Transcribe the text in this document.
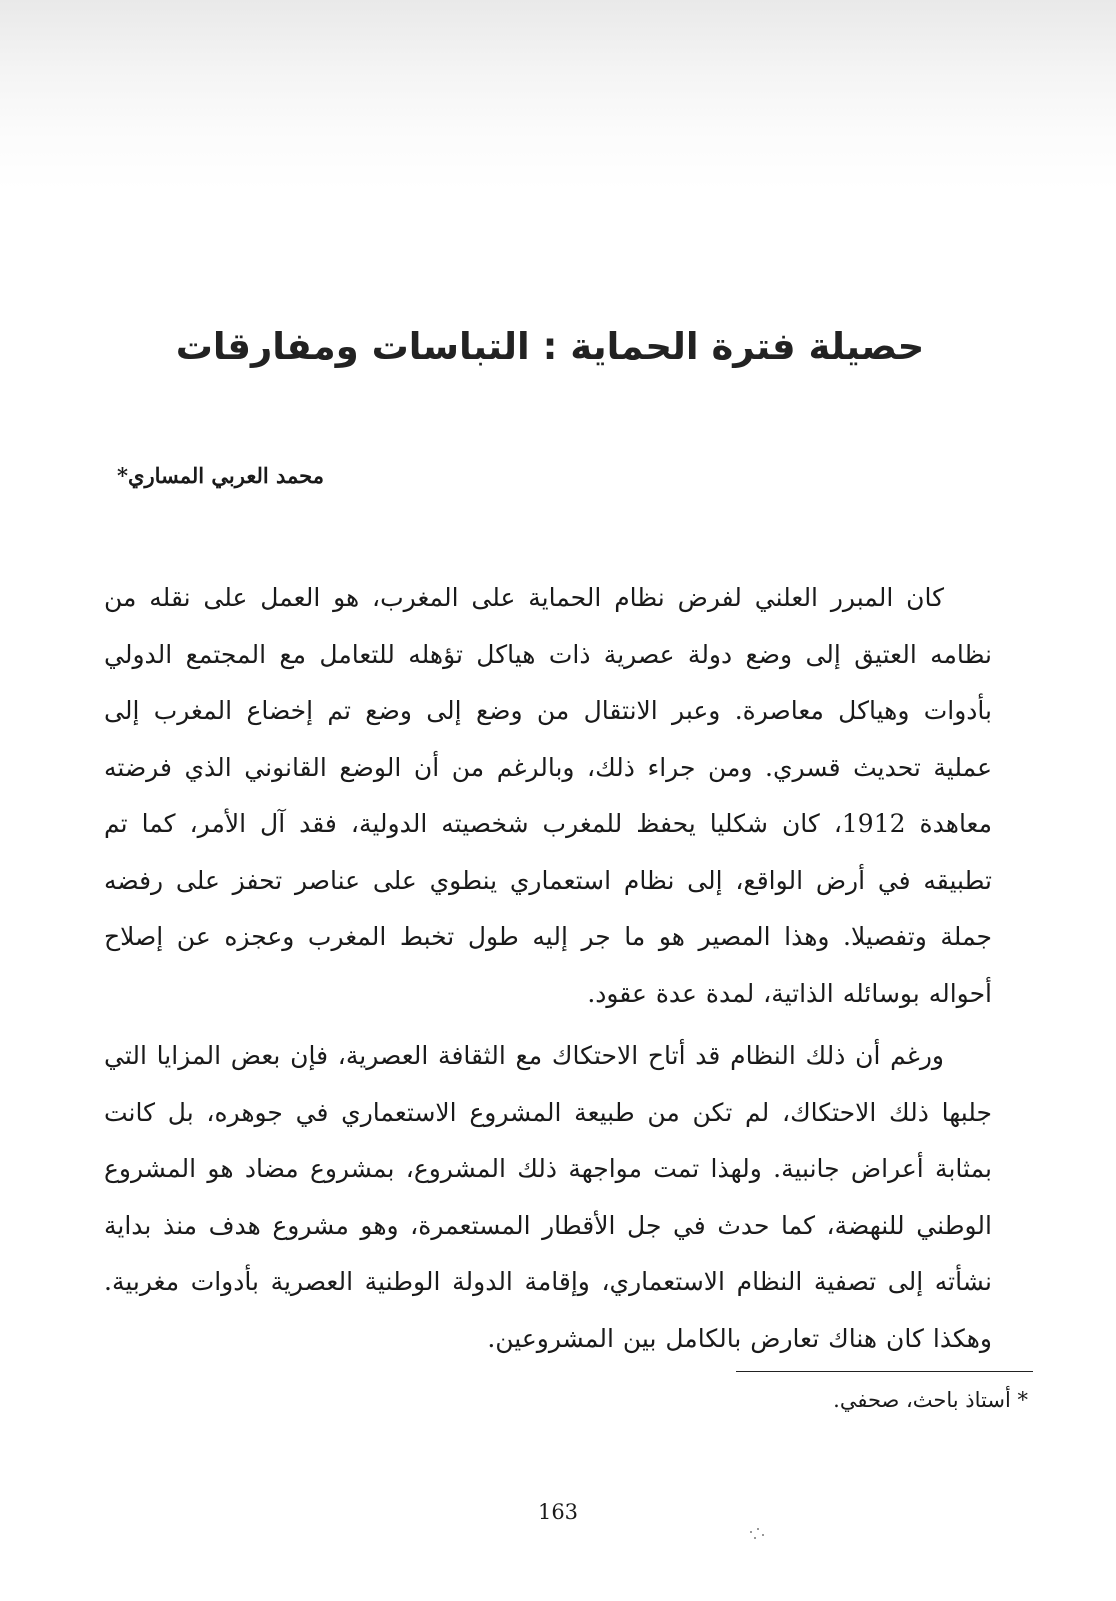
حصيلة فترة الحماية : التباسات ومفارقات

محمد العربي المساري*

كان المبرر العلني لفرض نظام الحماية على المغرب، هو العمل على نقله من نظامه العتيق إلى وضع دولة عصرية ذات هياكل تؤهله للتعامل مع المجتمع الدولي بأدوات وهياكل معاصرة. وعبر الانتقال من وضع إلى وضع تم إخضاع المغرب إلى عملية تحديث قسري. ومن جراء ذلك، وبالرغم من أن الوضع القانوني الذي فرضته معاهدة 1912، كان شكليا يحفظ للمغرب شخصيته الدولية، فقد آل الأمر، كما تم تطبيقه في أرض الواقع، إلى نظام استعماري ينطوي على عناصر تحفز على رفضه جملة وتفصيلا. وهذا المصير هو ما جر إليه طول تخبط المغرب وعجزه عن إصلاح أحواله بوسائله الذاتية، لمدة عدة عقود.

ورغم أن ذلك النظام قد أتاح الاحتكاك مع الثقافة العصرية، فإن بعض المزايا التي جلبها ذلك الاحتكاك، لم تكن من طبيعة المشروع الاستعماري في جوهره، بل كانت بمثابة أعراض جانبية. ولهذا تمت مواجهة ذلك المشروع، بمشروع مضاد هو المشروع الوطني للنهضة، كما حدث في جل الأقطار المستعمرة، وهو مشروع هدف منذ بداية نشأته إلى تصفية النظام الاستعماري، وإقامة الدولة الوطنية العصرية بأدوات مغربية. وهكذا كان هناك تعارض بالكامل بين المشروعين.

* أستاذ باحث، صحفي.

163
